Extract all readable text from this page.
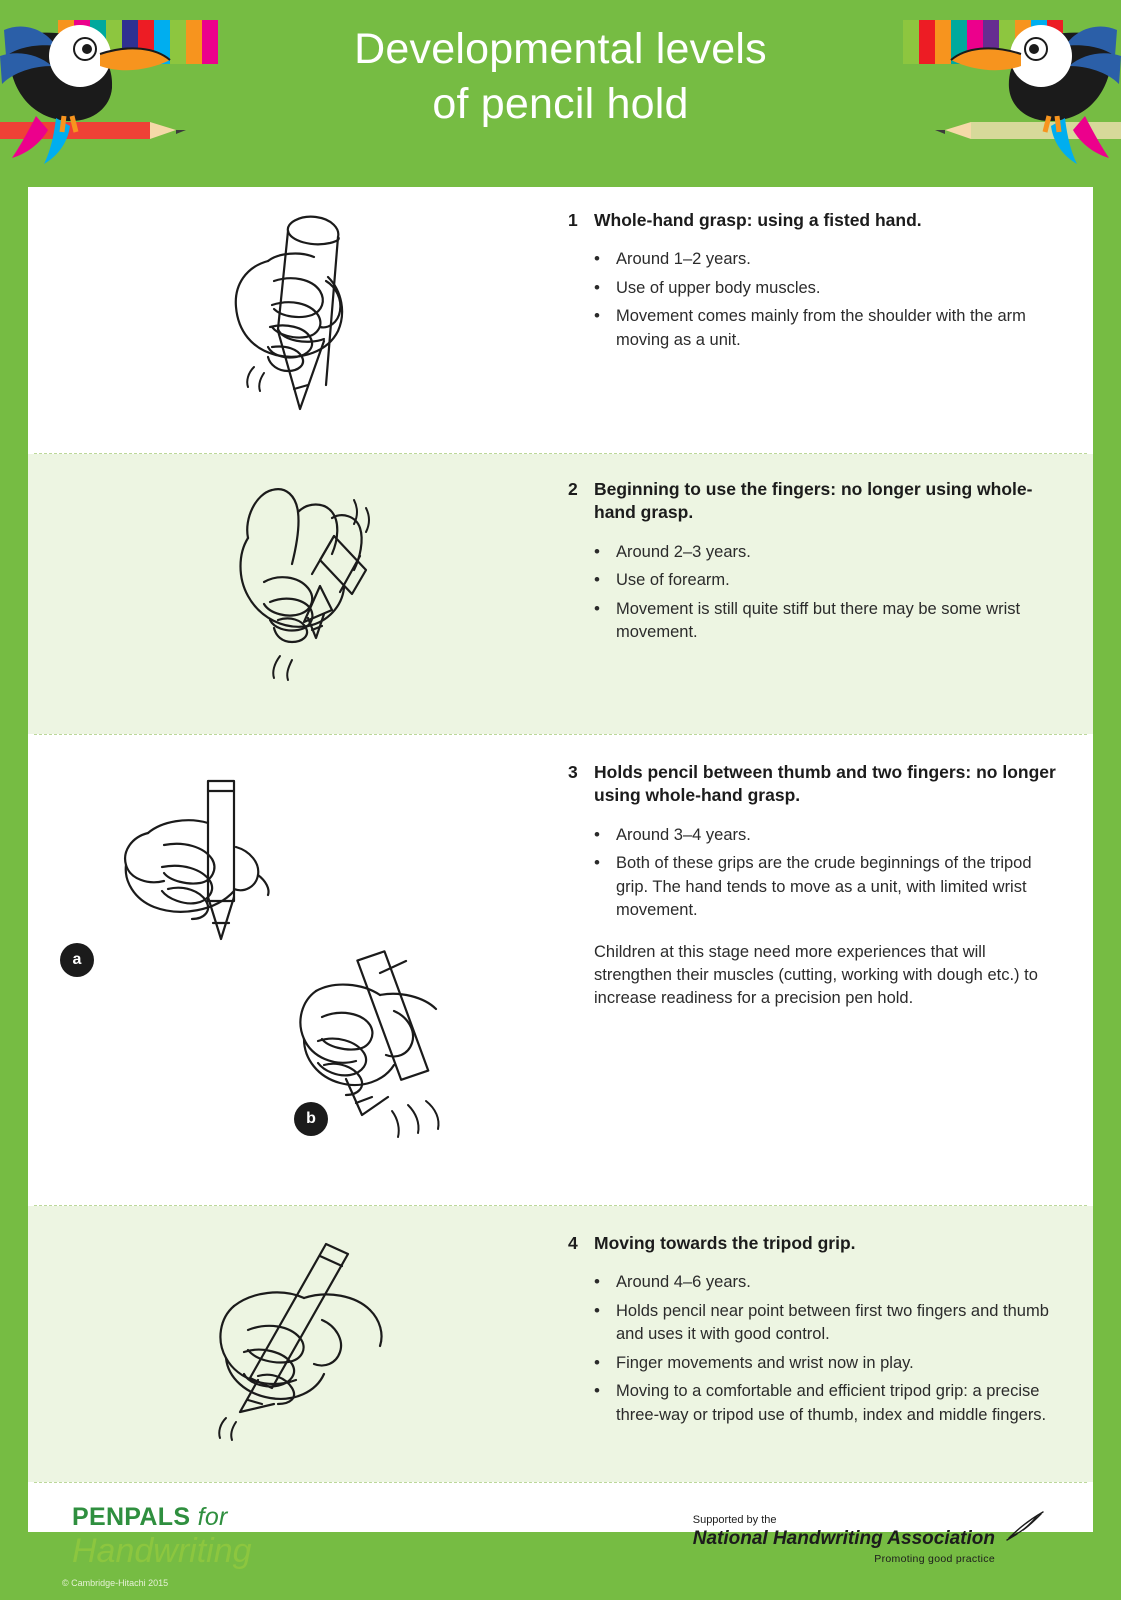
Developmental levels
of pencil hold
1 Whole-hand grasp: using a fisted hand.
• Around 1–2 years.
• Use of upper body muscles.
• Movement comes mainly from the shoulder with the arm moving as a unit.
2 Beginning to use the fingers: no longer using whole-hand grasp.
• Around 2–3 years.
• Use of forearm.
• Movement is still quite stiff but there may be some wrist movement.
a
b
3 Holds pencil between thumb and two fingers: no longer using whole-hand grasp.
• Around 3–4 years.
• Both of these grips are the crude beginnings of the tripod grip. The hand tends to move as a unit, with limited wrist movement.

Children at this stage need more experiences that will strengthen their muscles (cutting, working with dough etc.) to increase readiness for a precision pen hold.

4 Moving towards the tripod grip.
• Around 4–6 years.
• Holds pencil near point between first two fingers and thumb and uses it with good control.
• Finger movements and wrist now in play.
• Moving to a comfortable and efficient tripod grip: a precise three-way or tripod use of thumb, index and middle fingers.
PENPALS for
Handwriting
Supported by the
National Handwriting Association
Promoting good practice
© Cambridge-Hitachi 2015
